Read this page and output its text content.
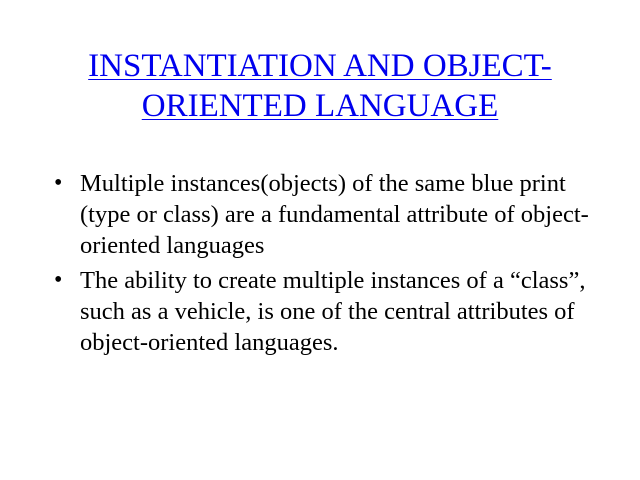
INSTANTIATION AND OBJECT-
ORIENTED LANGUAGE
• Multiple instances(objects) of the same blue print (type or class) are a fundamental attribute of object-oriented languages
• The ability to create multiple instances of a “class”, such as a vehicle, is one of the central attributes of object-oriented languages.
